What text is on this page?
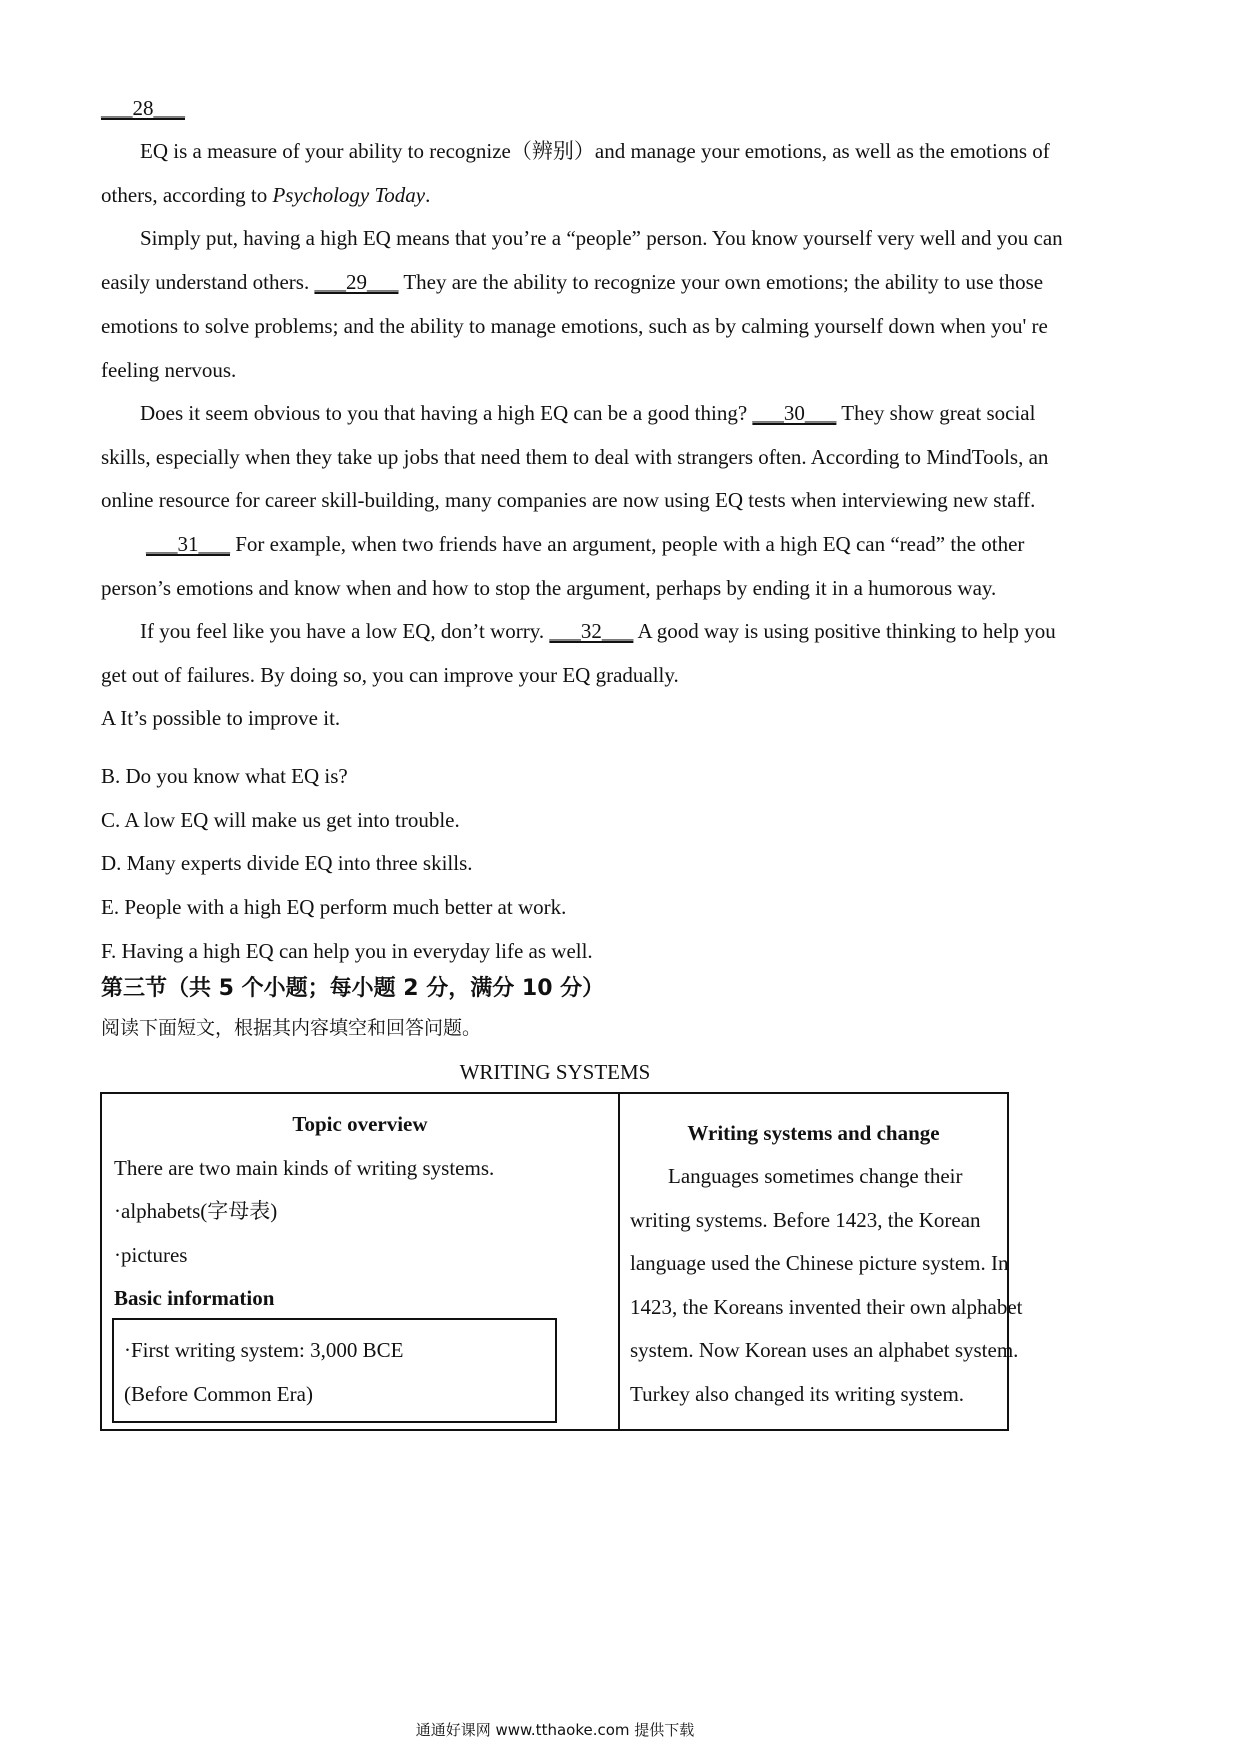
___28___
EQ is a measure of your ability to recognize（辨别）and manage your emotions, as well as the emotions of
others, according to Psychology Today.
Simply put, having a high EQ means that you’re a “people” person. You know yourself very well and you can
easily understand others. ___29___ They are the ability to recognize your own emotions; the ability to use those
emotions to solve problems; and the ability to manage emotions, such as by calming yourself down when you' re
feeling nervous.
Does it seem obvious to you that having a high EQ can be a good thing? ___30___ They show great social
skills, especially when they take up jobs that need them to deal with strangers often. According to MindTools, an
online resource for career skill-building, many companies are now using EQ tests when interviewing new staff.
___31___ For example, when two friends have an argument, people with a high EQ can “read” the other
person’s emotions and know when and how to stop the argument, perhaps by ending it in a humorous way.
If you feel like you have a low EQ, don’t worry. ___32___ A good way is using positive thinking to help you
get out of failures. By doing so, you can improve your EQ gradually.
A It’s possible to improve it.
B. Do you know what EQ is?
C. A low EQ will make us get into trouble.
D. Many experts divide EQ into three skills.
E. People with a high EQ perform much better at work.
F. Having a high EQ can help you in everyday life as well.
第三节（共 5 个小题；每小题 2 分，满分 10 分）
阅读下面短文，根据其内容填空和回答问题。
WRITING SYSTEMS
Topic overview
There are two main kinds of writing systems.
·alphabets(字母表)
·pictures
Basic information
·First writing system: 3,000 BCE
(Before Common Era)
Writing systems and change
Languages sometimes change their
writing systems. Before 1423, the Korean
language used the Chinese picture system. In
1423, the Koreans invented their own alphabet
system. Now Korean uses an alphabet system.
Turkey also changed its writing system.
通通好课网 www.tthaoke.com 提供下载
